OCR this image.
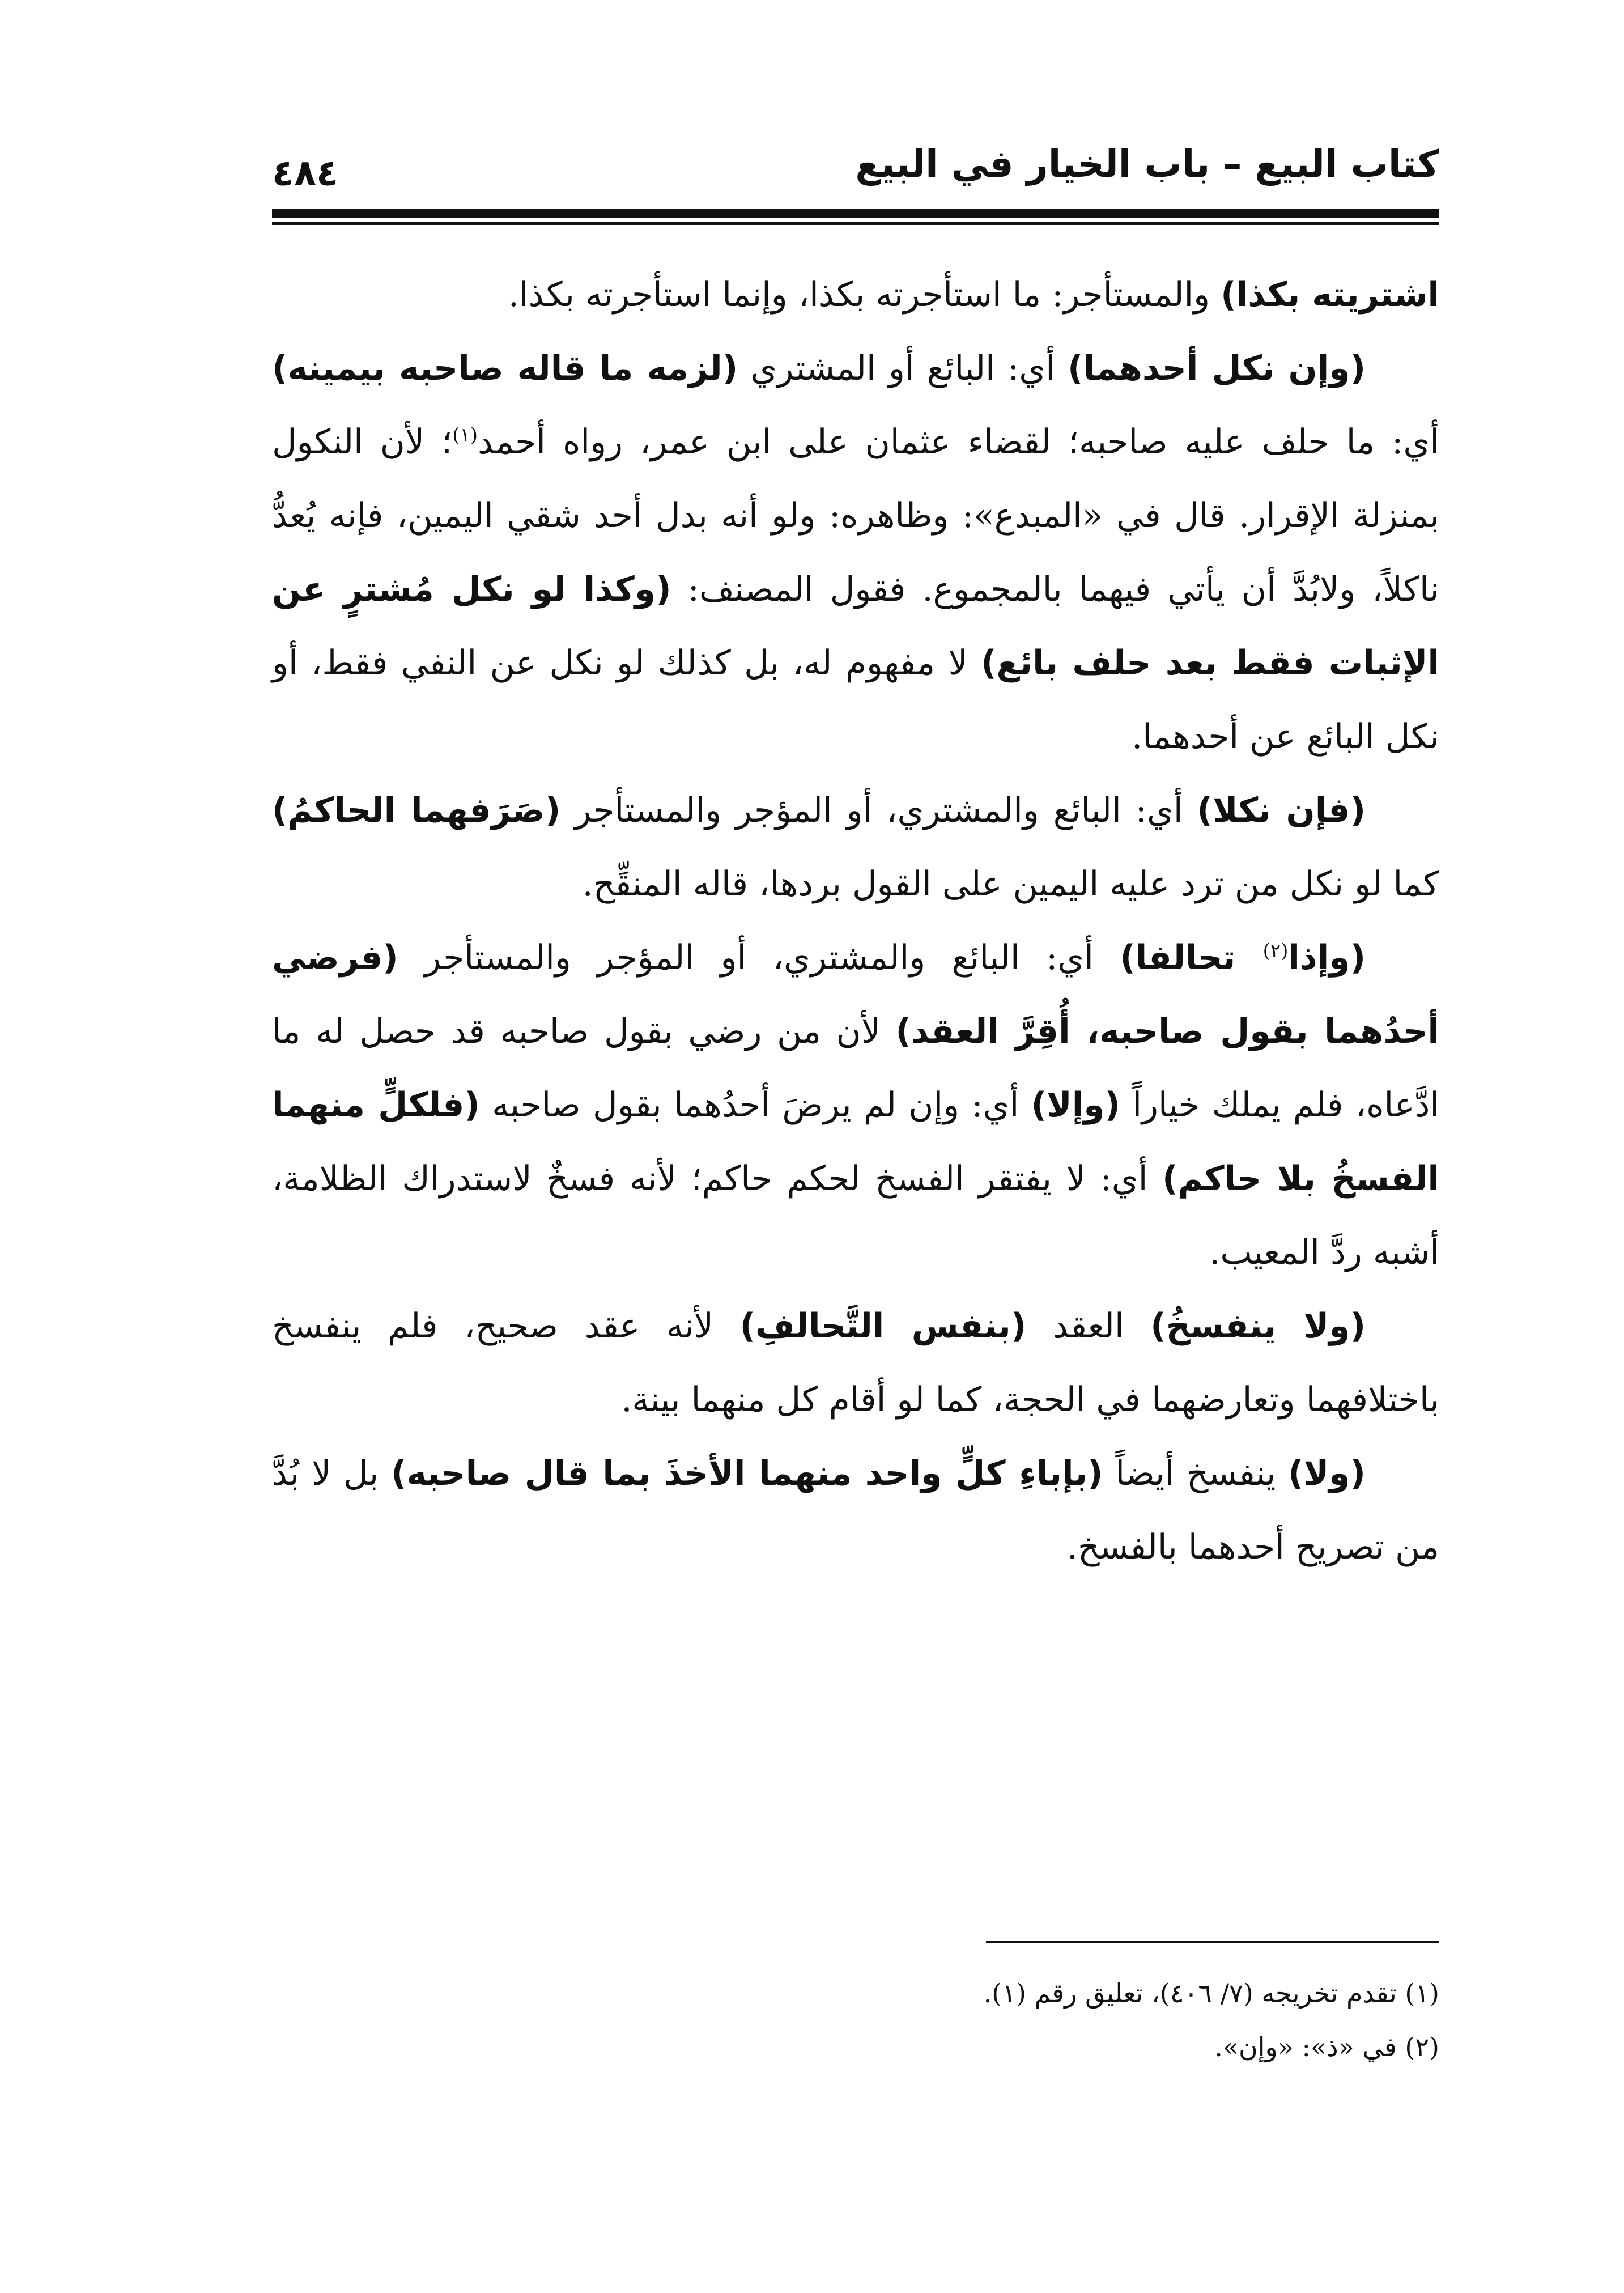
كتاب البيع – باب الخيار في البيع
٤٨٤

اشتريته بكذا) والمستأجر: ما استأجرته بكذا، وإنما استأجرته بكذا.

(وإن نكل أحدهما) أي: البائع أو المشتري (لزمه ما قاله صاحبه بيمينه) أي: ما حلف عليه صاحبه؛ لقضاء عثمان على ابن عمر، رواه أحمد$^{(١)}$؛ لأن النكول بمنزلة الإقرار. قال في «المبدع»: وظاهره: ولو أنه بدل أحد شقي اليمين، فإنه يُعدُّ ناكلاً، ولابُدَّ أن يأتي فيهما بالمجموع. فقول المصنف: (وكذا لو نكل مُشترٍ عن الإثبات فقط بعد حلف بائع) لا مفهوم له، بل كذلك لو نكل عن النفي فقط، أو نكل البائع عن أحدهما.

(فإن نكلا) أي: البائع والمشتري، أو المؤجر والمستأجر (صَرَفهما الحاكمُ) كما لو نكل من ترد عليه اليمين على القول بردها، قاله المنقِّح.

(وإذا$^{(٢)}$ تحالفا) أي: البائع والمشتري، أو المؤجر والمستأجر (فرضي أحدُهما بقول صاحبه، أُقِرَّ العقد) لأن من رضي بقول صاحبه قد حصل له ما ادَّعاه، فلم يملك خياراً (وإلا) أي: وإن لم يرضَ أحدُهما بقول صاحبه (فلكلٍّ منهما الفسخُ بلا حاكم) أي: لا يفتقر الفسخ لحكم حاكم؛ لأنه فسخٌ لاستدراك الظلامة، أشبه ردَّ المعيب.

(ولا ينفسخُ) العقد (بنفس التَّحالفِ) لأنه عقد صحيح، فلم ينفسخ باختلافهما وتعارضهما في الحجة، كما لو أقام كل منهما بينة.

(ولا) ينفسخ أيضاً (بإباءِ كلٍّ واحد منهما الأخذَ بما قال صاحبه) بل لا بُدَّ من تصريح أحدهما بالفسخ.

(١) تقدم تخريجه (٧/ ٤٠٦)، تعليق رقم (١).

(٢) في «ذ»: «وإن».
